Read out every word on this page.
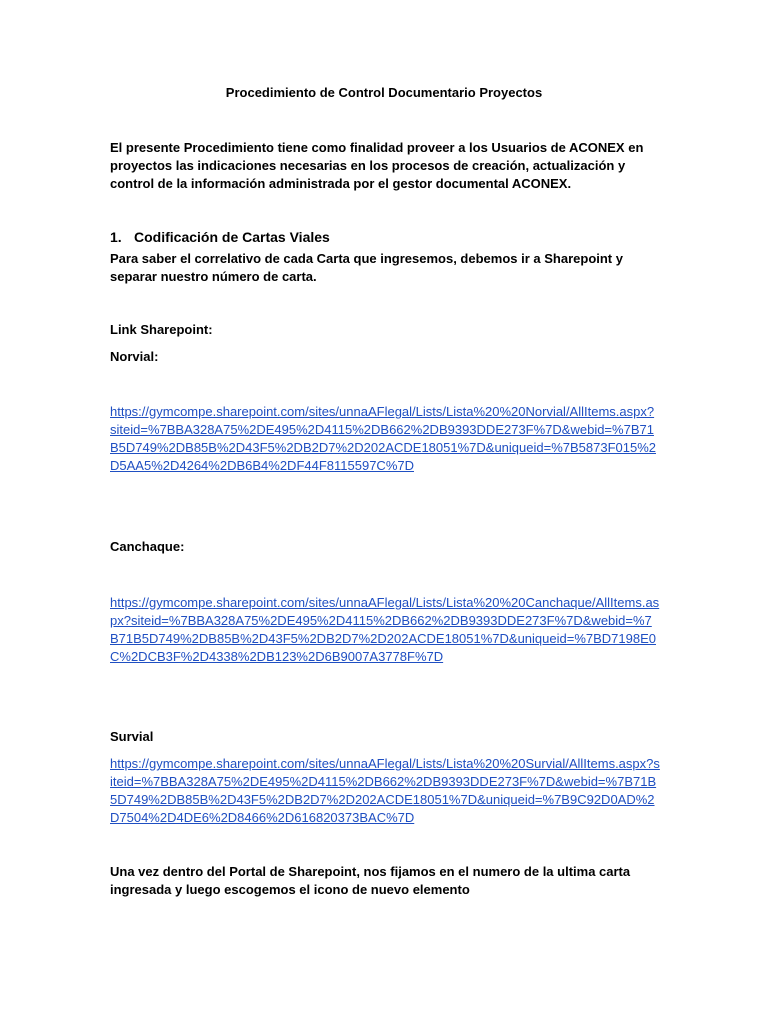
Procedimiento de Control Documentario Proyectos
El presente Procedimiento tiene como finalidad proveer a los Usuarios de ACONEX en proyectos las indicaciones necesarias en los procesos de creación, actualización y control de la información administrada por el gestor documental ACONEX.
1. Codificación de Cartas Viales
Para saber el correlativo de cada Carta que ingresemos, debemos ir a Sharepoint y separar nuestro número de carta.
Link Sharepoint:
Norvial:
https://gymcompe.sharepoint.com/sites/unnaAFlegal/Lists/Lista%20%20Norvial/AllItems.aspx?siteid=%7BBA328A75%2DE495%2D4115%2DB662%2DB9393DDE273F%7D&webid=%7B71B5D749%2DB85B%2D43F5%2DB2D7%2D202ACDE18051%7D&uniqueid=%7B5873F015%2D5AA5%2D4264%2DB6B4%2DF44F8115597C%7D
Canchaque:
https://gymcompe.sharepoint.com/sites/unnaAFlegal/Lists/Lista%20%20Canchaque/AllItems.aspx?siteid=%7BBA328A75%2DE495%2D4115%2DB662%2DB9393DDE273F%7D&webid=%7B71B5D749%2DB85B%2D43F5%2DB2D7%2D202ACDE18051%7D&uniqueid=%7BD7198E0C%2DCB3F%2D4338%2DB123%2D6B9007A3778F%7D
Survial
https://gymcompe.sharepoint.com/sites/unnaAFlegal/Lists/Lista%20%20Survial/AllItems.aspx?siteid=%7BBA328A75%2DE495%2D4115%2DB662%2DB9393DDE273F%7D&webid=%7B71B5D749%2DB85B%2D43F5%2DB2D7%2D202ACDE18051%7D&uniqueid=%7B9C92D0AD%2D7504%2D4DE6%2D8466%2D616820373BAC%7D
Una vez dentro del Portal de Sharepoint, nos fijamos en el numero de la ultima carta ingresada y luego escogemos el icono de nuevo elemento
